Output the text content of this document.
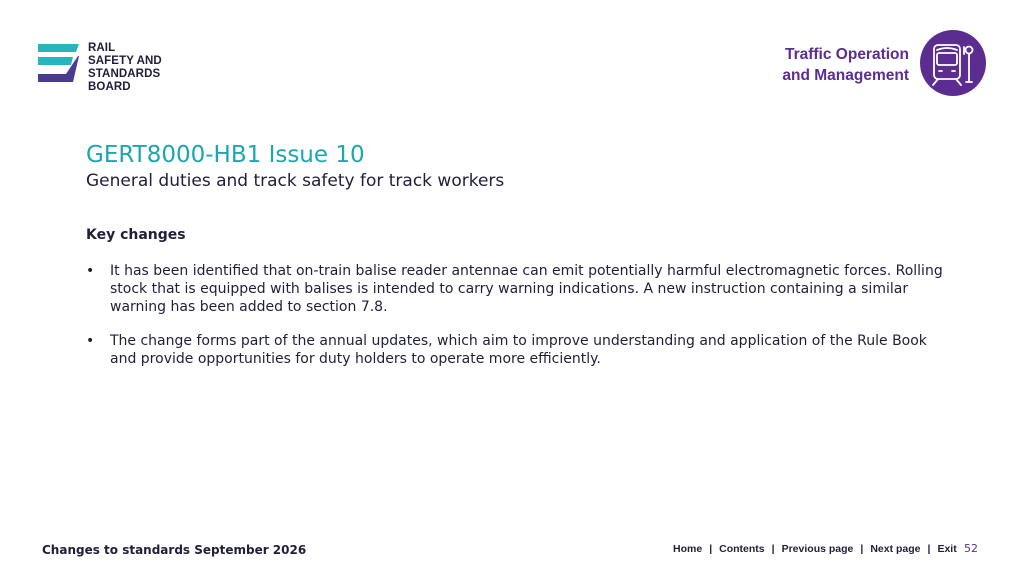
RAIL
SAFETY AND
STANDARDS
BOARD
Traffic Operation
and Management
GERT8000-HB1 Issue 10
General duties and track safety for track workers
Key changes
• It has been identified that on-train balise reader antennae can emit potentially harmful electromagnetic forces. Rolling stock that is equipped with balises is intended to carry warning indications. A new instruction containing a similar warning has been added to section 7.8.
• The change forms part of the annual updates, which aim to improve understanding and application of the Rule Book and provide opportunities for duty holders to operate more efficiently.
Changes to standards September 2026	Home | Contents | Previous page | Next page | Exit 52
